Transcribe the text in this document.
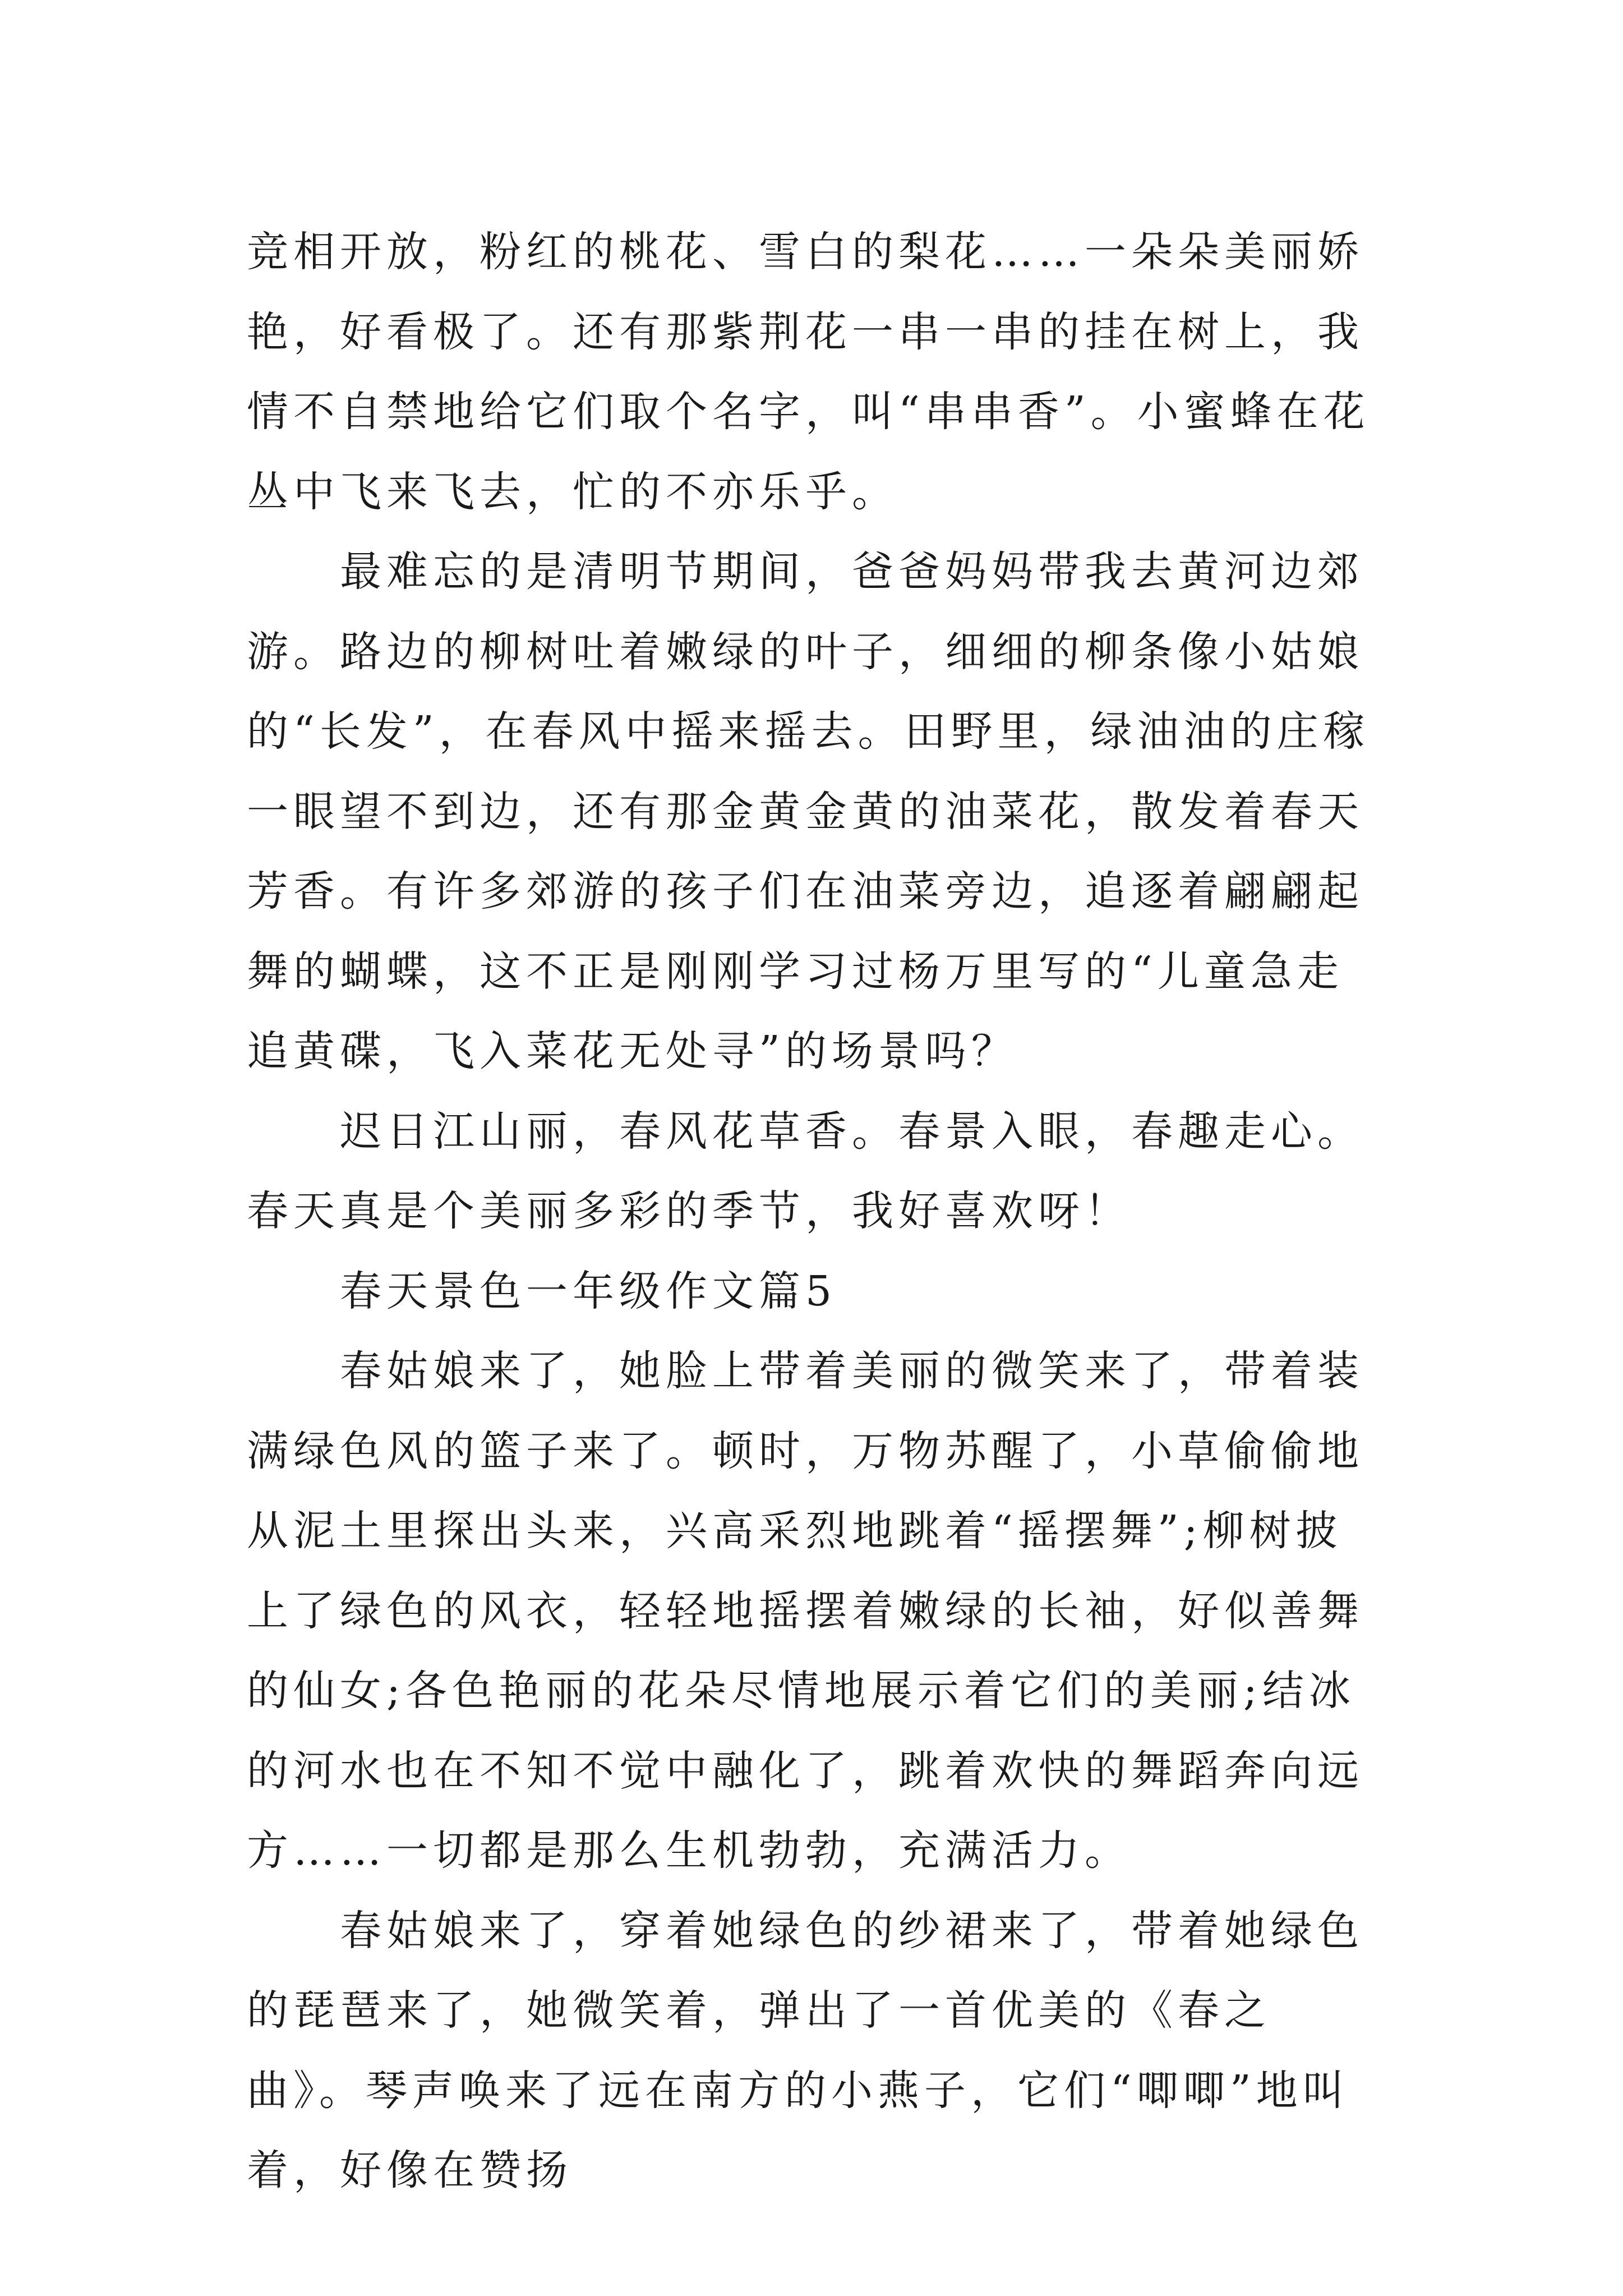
竞相开放，粉红的桃花、雪白的梨花……一朵朵美丽娇艳，好看极了。还有那紫荆花一串一串的挂在树上，我情不自禁地给它们取个名字，叫“串串香”。小蜜蜂在花丛中飞来飞去，忙的不亦乐乎。

最难忘的是清明节期间，爸爸妈妈带我去黄河边郊游。路边的柳树吐着嫩绿的叶子，细细的柳条像小姑娘的“长发”，在春风中摇来摇去。田野里，绿油油的庄稼一眼望不到边，还有那金黄金黄的油菜花，散发着春天芳香。有许多郊游的孩子们在油菜旁边，追逐着翩翩起舞的蝴蝶，这不正是刚刚学习过杨万里写的“儿童急走追黄碟，飞入菜花无处寻”的场景吗？

迟日江山丽，春风花草香。春景入眼，春趣走心。春天真是个美丽多彩的季节，我好喜欢呀！

春天景色一年级作文篇5

春姑娘来了，她脸上带着美丽的微笑来了，带着装满绿色风的篮子来了。顿时，万物苏醒了，小草偷偷地从泥土里探出头来，兴高采烈地跳着“摇摆舞”;柳树披上了绿色的风衣，轻轻地摇摆着嫩绿的长袖，好似善舞的仙女;各色艳丽的花朵尽情地展示着它们的美丽;结冰的河水也在不知不觉中融化了，跳着欢快的舞蹈奔向远方……一切都是那么生机勃勃，充满活力。

春姑娘来了，穿着她绿色的纱裙来了，带着她绿色的琵琶来了，她微笑着，弹出了一首优美的《春之曲》。琴声唤来了远在南方的小燕子，它们“唧唧”地叫着，好像在赞扬
